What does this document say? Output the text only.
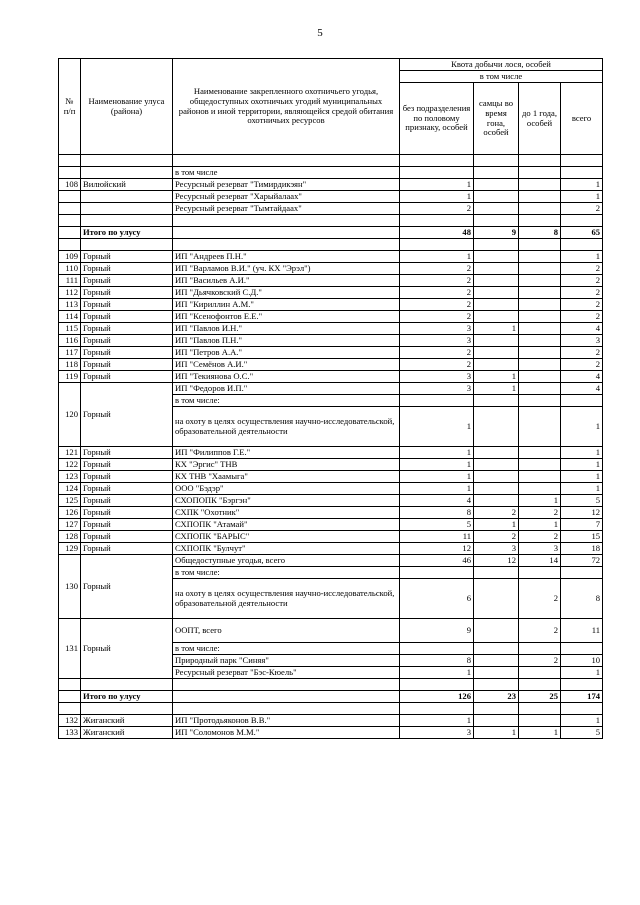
5
№
п/п	Наименование улуса (района)	Наименование закрепленного охотничьего угодья, общедоступных охотничьих угодий муниципальных районов и иной территории, являющейся средой обитания охотничьих ресурсов	Квота добычи лося, особей			
			в том числе			
			без подразделения по половому признаку, особей	самцы во время гона, особей	до 1 года, особей	всего

		в том числе				
108	Вилюйский	Ресурсный резерват "Тимирдикэян"	1			1
		Ресурсный резерват "Харыйалаах"	1			1
		Ресурсный резерват "Тымтайдаах"	2			2

	Итого по улусу		48	9	8	65

109	Горный	ИП "Андреев П.Н."	1			1
110	Горный	ИП "Варламов В.И." (уч. КХ "Эрэл")	2			2
111	Горный	ИП "Васильев А.И."	2			2
112	Горный	ИП "Дьячковский С.Д."	2			2
113	Горный	ИП "Кириллин А.М."	2			2
114	Горный	ИП "Ксенофонтов Е.Е."	2			2
115	Горный	ИП "Павлов И.Н."	3	1		4
116	Горный	ИП "Павлов П.Н."	3			3
117	Горный	ИП "Петров А.А."	2			2
118	Горный	ИП "Семёнов А.И."	2			2
119	Горный	ИП "Текиянова О.С."	3	1		4
120	Горный	ИП "Федоров И.П."	3	1		4
		в том числе:				
		на охоту в целях осуществления научно-исследовательской, образовательной деятельности	1			1
121	Горный	ИП "Филиппов Г.Е."	1			1
122	Горный	КХ "Эргис" ТНВ	1			1
123	Горный	КХ ТНВ "Хаамыга"	1			1
124	Горный	ООО "Бэдэр"	1			1
125	Горный	СХОПОПК "Бэргэн"	4		1	5
126	Горный	СХПК "Охотник"	8	2	2	12
127	Горный	СХПОПК "Атамай"	5	1	1	7
128	Горный	СХПОПК "БАРЫС"	11	2	2	15
129	Горный	СХПОПК "Булчут"	12	3	3	18
130	Горный	Общедоступные угодья, всего	46	12	14	72
		в том числе:				
		на охоту в целях осуществления научно-исследовательской, образовательной деятельности	6		2	8
131	Горный	ООПТ, всего	9		2	11
		в том числе:				
		Природный парк "Синяя"	8		2	10
		Ресурсный резерват "Бэс-Кюель"	1			1

	Итого по улусу		126	23	25	174

132	Жиганский	ИП "Протодьяконов В.В."	1			1
133	Жиганский	ИП "Соломонов М.М."	3	1	1	5
